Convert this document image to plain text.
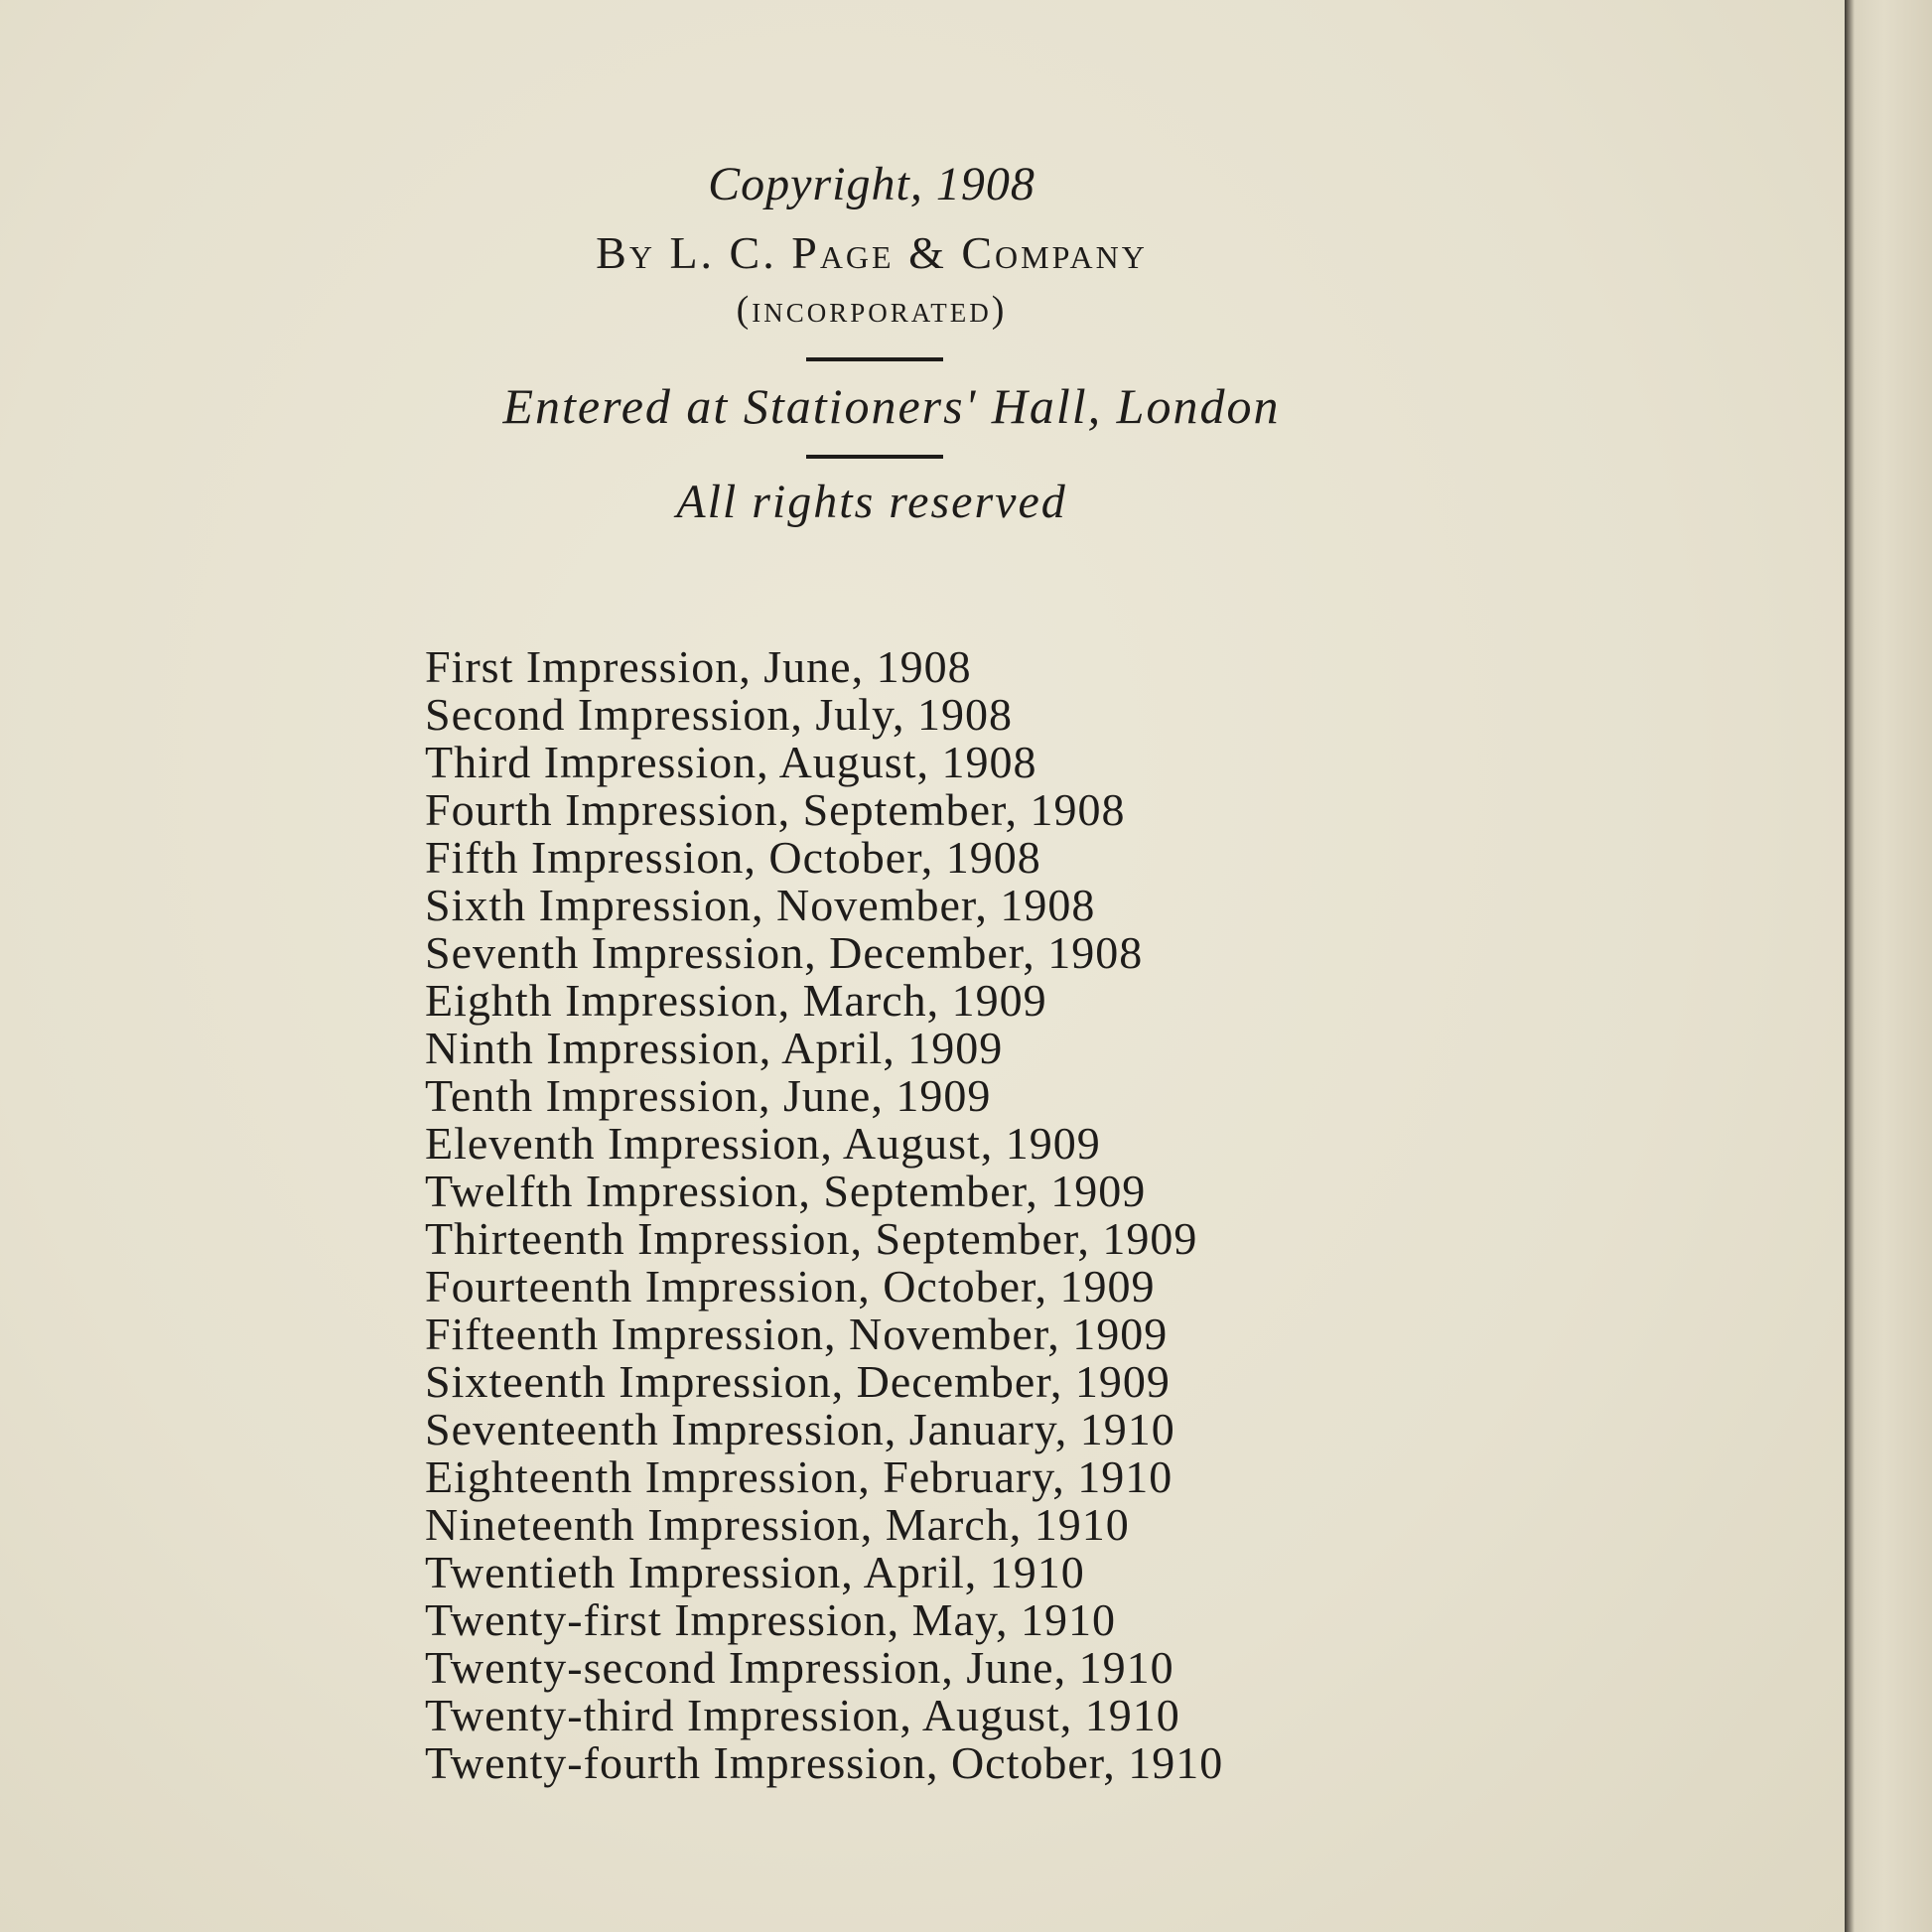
Copyright, 1908
By L. C. Page & Company
(incorporated)
Entered at Stationers' Hall, London
All rights reserved
First Impression, June, 1908
Second Impression, July, 1908
Third Impression, August, 1908
Fourth Impression, September, 1908
Fifth Impression, October, 1908
Sixth Impression, November, 1908
Seventh Impression, December, 1908
Eighth Impression, March, 1909
Ninth Impression, April, 1909
Tenth Impression, June, 1909
Eleventh Impression, August, 1909
Twelfth Impression, September, 1909
Thirteenth Impression, September, 1909
Fourteenth Impression, October, 1909
Fifteenth Impression, November, 1909
Sixteenth Impression, December, 1909
Seventeenth Impression, January, 1910
Eighteenth Impression, February, 1910
Nineteenth Impression, March, 1910
Twentieth Impression, April, 1910
Twenty-first Impression, May, 1910
Twenty-second Impression, June, 1910
Twenty-third Impression, August, 1910
Twenty-fourth Impression, October, 1910
